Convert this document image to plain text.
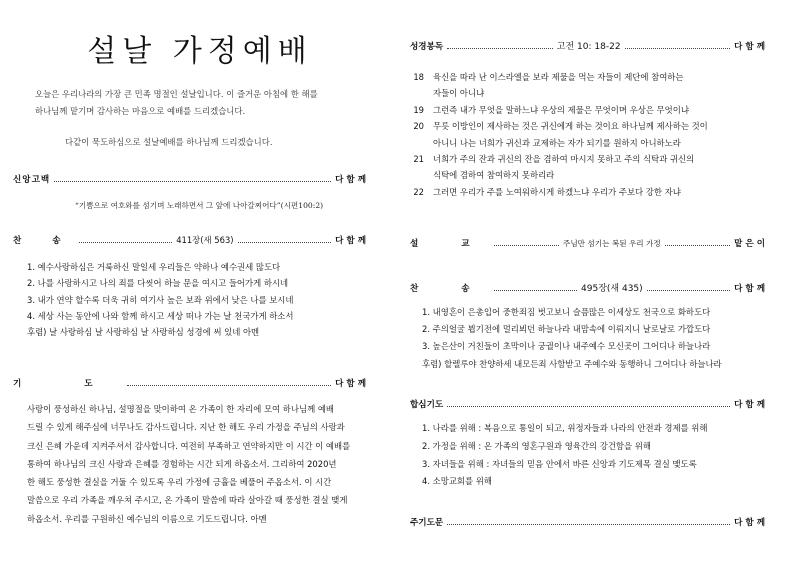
설날 가정예배
오늘은 우리나라의 가장 큰 민족 명절인 설날입니다. 이 즐거운 아침에 한 해를
하나님께 맡기며 감사하는 마음으로 예배를 드리겠습니다.
다같이 묵도하심으로 설날예배를 하나님께 드리겠습니다.
신앙고백	다 함 께
“기쁨으로 여호와를 섬기며 노래하면서 그 앞에 나아갈찌어다”(시편100:2)
찬 송	411장(새 563)	다 함 께
1. 예수사랑하심은 거룩하신 말일세 우리들은 약하나 예수권세 많도다
2. 나를 사랑하시고 나의 죄를 다씻어 하늘 문을 여시고 들어가게 하시네
3. 내가 연약 할수록 더욱 귀히 여기사 높은 보좌 위에서 낮은 나를 보시네
4. 세상 사는 동안에 나와 함께 하시고 세상 떠나 가는 날 천국가게 하소서
후렴) 날 사랑하심 날 사랑하심 날 사랑하심 성경에 써 있네 아멘
기 도	다 함 께
사랑이 풍성하신 하나님, 설명절을 맞이하여 온 가족이 한 자리에 모여 하나님께 예배
드릴 수 있게 해주심에 너무나도 감사드립니다. 지난 한 해도 우리 가정을 주님의 사랑과
크신 은혜 가운데 지켜주셔서 감사합니다. 여전히 부족하고 연약하지만 이 시간 이 예배를
통하여 하나님의 크신 사랑과 은혜를 경험하는 시간 되게 하옵소서. 그리하여 2020년
한 해도 풍성한 결실을 거둘 수 있도록 우리 가정에 긍휼을 베풀어 주옵소서. 이 시간
말씀으로 우리 가족을 깨우쳐 주시고, 온 가족이 말씀에 따라 살아갈 때 풍성한 결실 맺게
하옵소서. 우리를 구원하신 예수님의 이름으로 기도드립니다. 아멘
성경봉독	고전 10: 18-22	다 함 께
18	육신을 따라 난 이스라엘을 보라 제물을 먹는 자들이 제단에 참여하는
자들이 아니냐
19	그런즉 내가 무엇을 말하느냐 우상의 제물은 무엇이며 우상은 무엇이냐
20	무릇 이방인이 제사하는 것은 귀신에게 하는 것이요 하나님께 제사하는 것이
아니니 나는 너희가 귀신과 교제하는 자가 되기를 원하지 아니하노라
21	너희가 주의 잔과 귀신의 잔을 겸하여 마시지 못하고 주의 식탁과 귀신의
식탁에 겸하여 참여하지 못하리라
22	그러면 우리가 주를 노여워하시게 하겠느냐 우리가 주보다 강한 자냐
설 교	주님만 섬기는 복된 우리 가정	맡 은 이
찬 송	495장(새 435)	다 함 께
1. 내영혼이 은총입어 중한죄짐 벗고보니 슬픔많은 이세상도 천국으로 화하도다
2. 주의얼굴 뵙기전에 멀리뵈던 하늘나라 내맘속에 이뤄지니 날로날로 가깝도다
3. 높은산이 거친들이 초막이나 궁궐이나 내주예수 모신곳이 그어디나 하늘나라
후렴) 할렐루야 찬양하세 내모든죄 사함받고 주예수와 동행하니 그어디나 하늘나라
합심기도	다 함 께
1. 나라를 위해 : 복음으로 통일이 되고, 위정자들과 나라의 안전과 경제를 위해
2. 가정을 위해 : 온 가족의 영혼구원과 영육간의 강건함을 위해
3. 자녀들을 위해 : 자녀들의 믿음 안에서 바른 신앙과 기도제목 결실 맺도록
4. 소망교회를 위해
주기도문	다 함 께
